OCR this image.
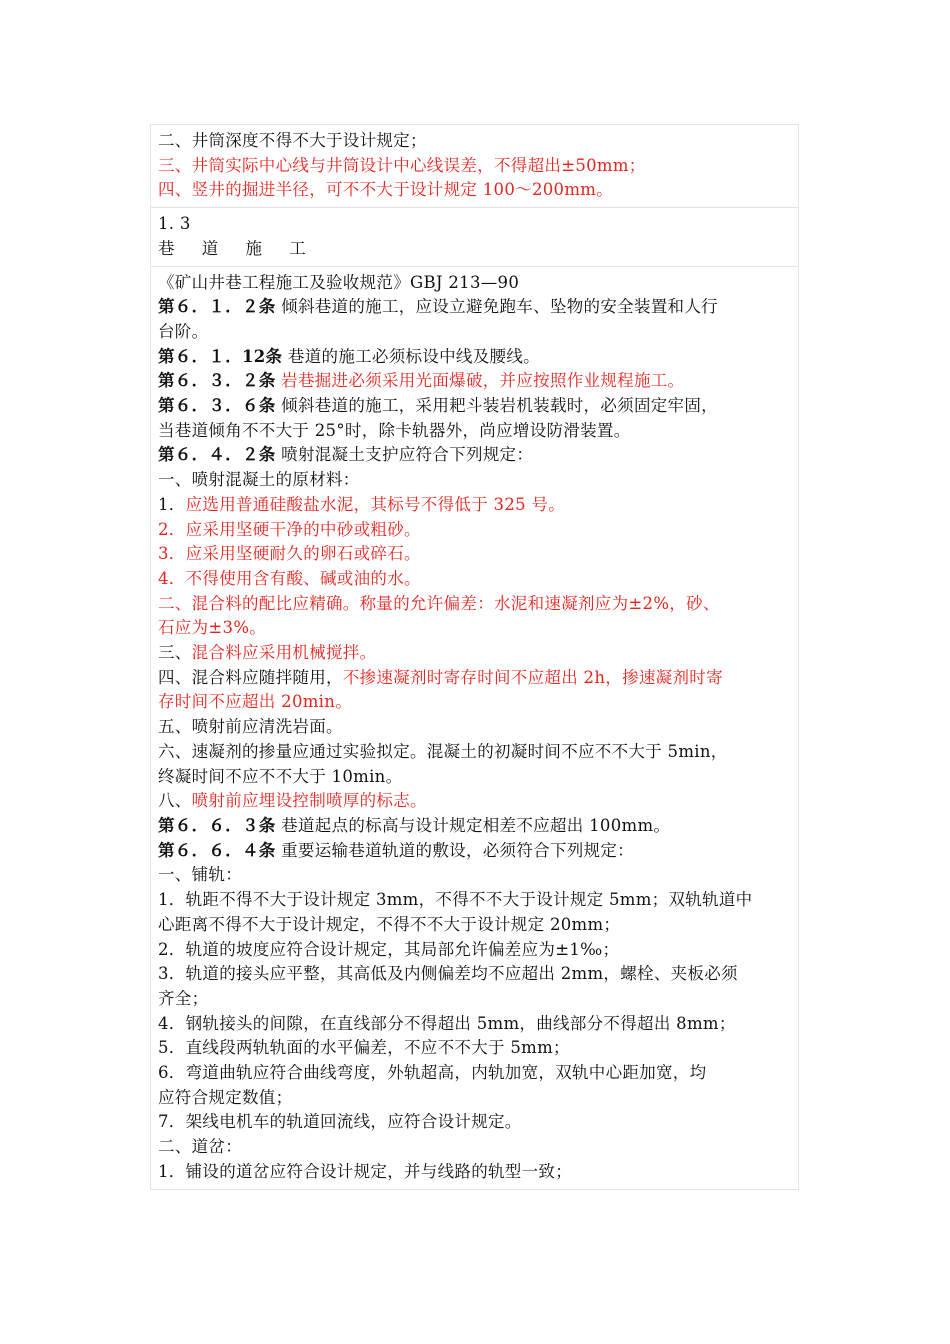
二、井筒深度不得不大于设计规定；
三、井筒实际中心线与井筒设计中心线误差，不得超出±50mm；
四、竖井的掘进半径，可不不大于设计规定 100～200mm。
1. 3
巷 道 施 工
《矿山井巷工程施工及验收规范》GBJ 213—90
第６．１．２条 倾斜巷道的施工，应设立避免跑车、坠物的安全装置和人行
台阶。
第６．１．12条 巷道的施工必须标设中线及腰线。
第６．３．２条 岩巷掘进必须采用光面爆破，并应按照作业规程施工。
第６．３．６条 倾斜巷道的施工，采用耙斗装岩机装载时，必须固定牢固，
当巷道倾角不不大于 25°时，除卡轨器外，尚应增设防滑装置。
第６．４．２条 喷射混凝土支护应符合下列规定：
一、喷射混凝土的原材料：
1．应选用普通硅酸盐水泥，其标号不得低于 325 号。
2．应采用坚硬干净的中砂或粗砂。
3．应采用坚硬耐久的卵石或碎石。
4．不得使用含有酸、碱或油的水。
二、混合料的配比应精确。称量的允许偏差：水泥和速凝剂应为±2%，砂、
石应为±3%。
三、混合料应采用机械搅拌。
四、混合料应随拌随用，不掺速凝剂时寄存时间不应超出 2h，掺速凝剂时寄
存时间不应超出 20min。
五、喷射前应清洗岩面。
六、速凝剂的掺量应通过实验拟定。混凝土的初凝时间不应不不大于 5min，
终凝时间不应不不大于 10min。
八、喷射前应埋设控制喷厚的标志。
第６．６．３条 巷道起点的标高与设计规定相差不应超出 100mm。
第６．６．４条 重要运输巷道轨道的敷设，必须符合下列规定：
一、铺轨：
1．轨距不得不大于设计规定 3mm，不得不不大于设计规定 5mm；双轨轨道中
心距离不得不大于设计规定，不得不不大于设计规定 20mm；
2．轨道的坡度应符合设计规定，其局部允许偏差应为±1‰；
3．轨道的接头应平整，其高低及内侧偏差均不应超出 2mm，螺栓、夹板必须
齐全；
4．钢轨接头的间隙，在直线部分不得超出 5mm，曲线部分不得超出 8mm；
5．直线段两轨轨面的水平偏差，不应不不大于 5mm；
6．弯道曲轨应符合曲线弯度，外轨超高，内轨加宽，双轨中心距加宽，均
应符合规定数值；
7．架线电机车的轨道回流线，应符合设计规定。
二、道岔：
1．铺设的道岔应符合设计规定，并与线路的轨型一致；
